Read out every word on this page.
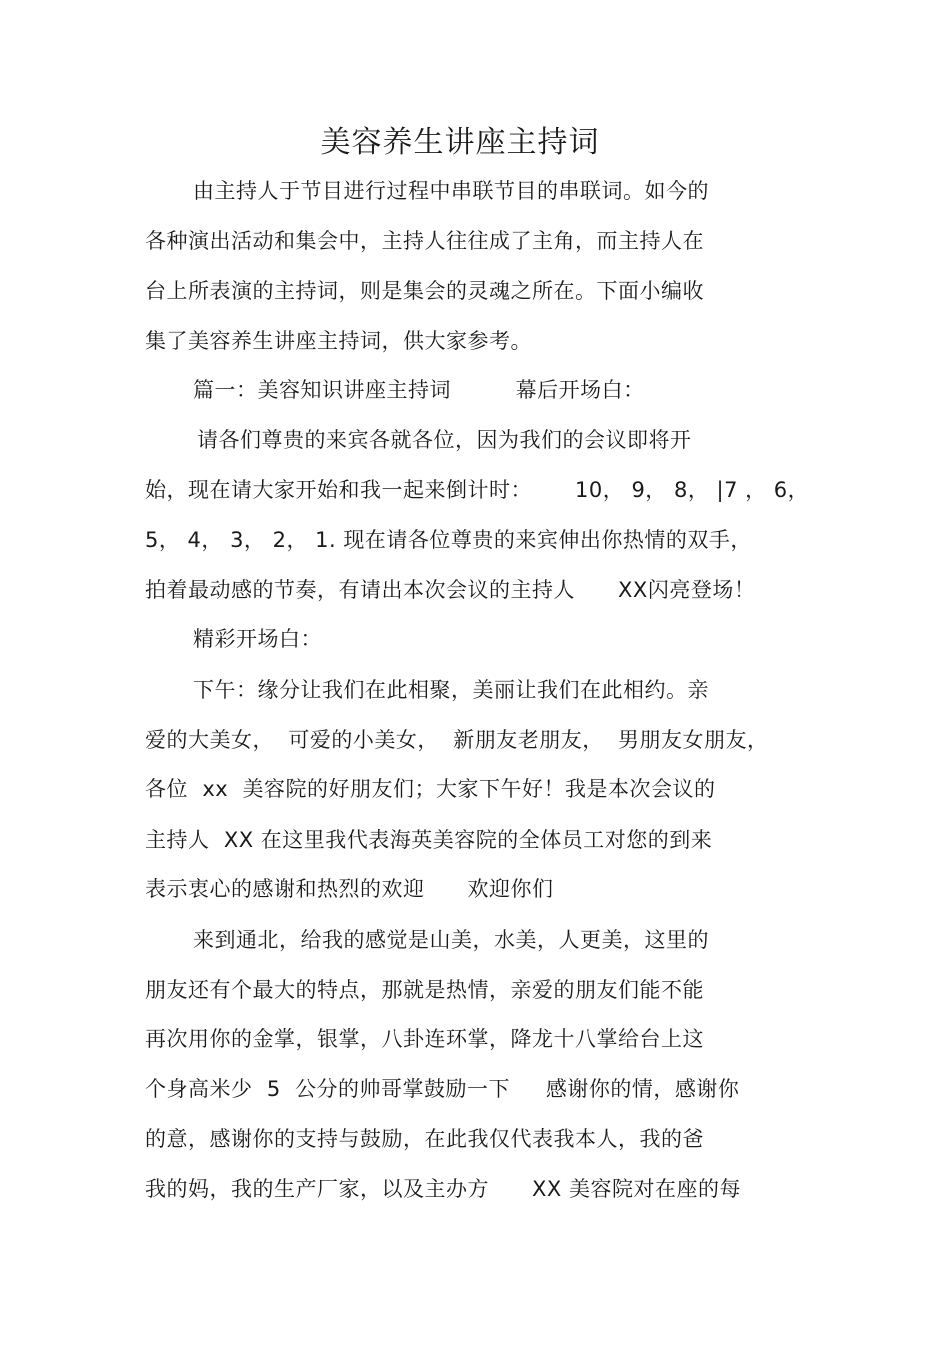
美容养生讲座主持词
由主持人于节目进行过程中串联节目的串联词。如今的
各种演出活动和集会中，主持人往往成了主角，而主持人在
台上所表演的主持词，则是集会的灵魂之所在。下面小编收
集了美容养生讲座主持词，供大家参考。
篇一：美容知识讲座主持词         幕后开场白：
请各们尊贵的来宾各就各位，因为我们的会议即将开
始，现在请大家开始和我一起来倒计时：      10， 9， 8， |7 ， 6，
5， 4， 3， 2， 1. 现在请各位尊贵的来宾伸出你热情的双手，
拍着最动感的节奏，有请出本次会议的主持人      XX闪亮登场！
精彩开场白：
下午：缘分让我们在此相聚，美丽让我们在此相约。亲
爱的大美女，  可爱的小美女，  新朋友老朋友，  男朋友女朋友，
各位  xx  美容院的好朋友们；大家下午好！我是本次会议的
主持人  XX 在这里我代表海英美容院的全体员工对您的到来
表示衷心的感谢和热烈的欢迎      欢迎你们
来到通北，给我的感觉是山美，水美，人更美，这里的
朋友还有个最大的特点，那就是热情，亲爱的朋友们能不能
再次用你的金掌，银掌，八卦连环掌，降龙十八掌给台上这
个身高米少  5  公分的帅哥掌鼓励一下     感谢你的情，感谢你
的意，感谢你的支持与鼓励，在此我仅代表我本人，我的爸
我的妈，我的生产厂家，以及主办方      XX 美容院对在座的每
